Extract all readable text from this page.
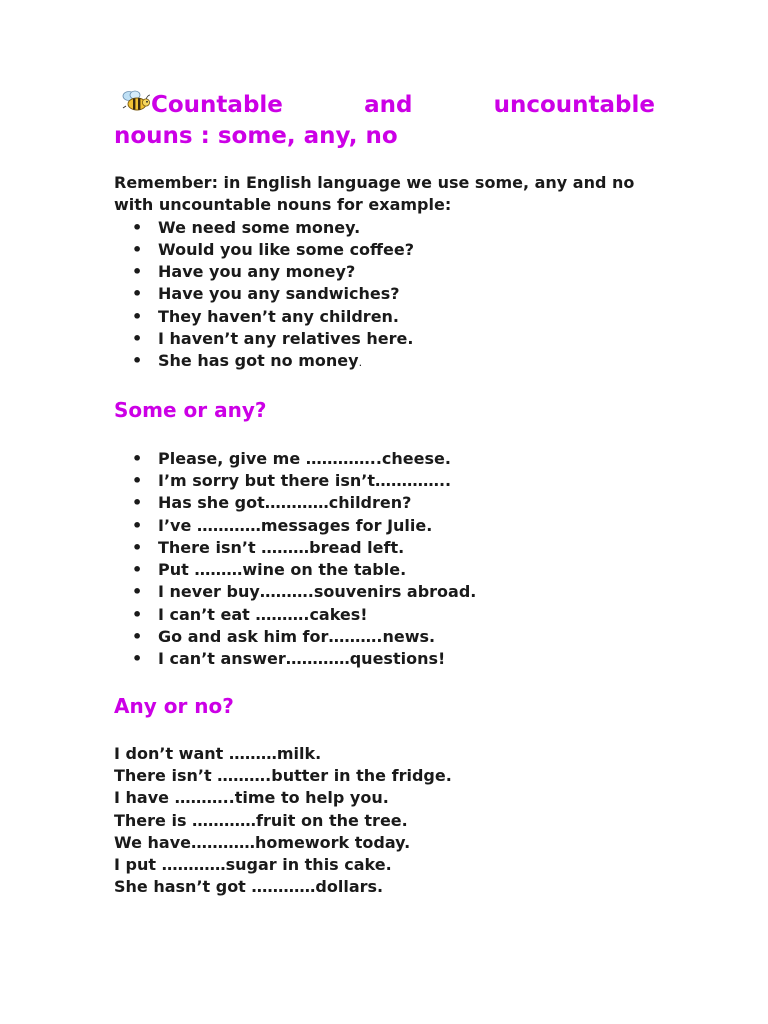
Countable	and	uncountable
nouns : some, any, no

Remember: in English language we use some, any and no with uncountable nouns for example:

• We need some money.
• Would you like some coffee?
• Have you any money?
• Have you any sandwiches?
• They haven’t any children.
• I haven’t any relatives here.
• She has got no money.
Some or any?
• Please, give me …………..cheese.
• I’m sorry but there isn’t…………..
• Has she got…………children?
• I’ve …………messages for Julie.
• There isn’t ………bread left.
• Put ………wine on the table.
• I never buy……….souvenirs abroad.
• I can’t eat ……….cakes!
• Go and ask him for……….news.
• I can’t answer…………questions!
Any or no?
I don’t want ………milk.
There isn’t ……….butter in the fridge.
I have ………..time to help you.
There is …………fruit on the tree.
We have…………homework today.
I put …………sugar in this cake.
She hasn’t got …………dollars.
